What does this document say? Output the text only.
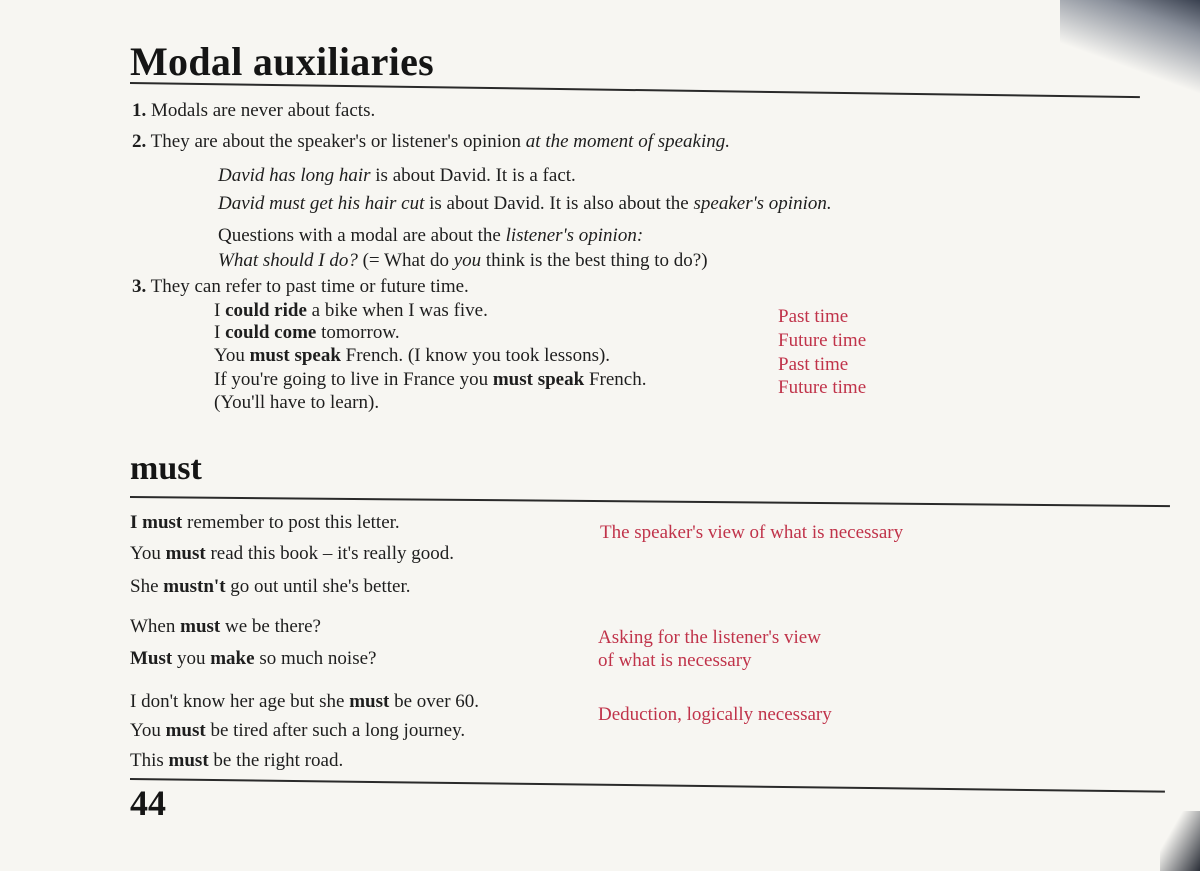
Modal auxiliaries
1. Modals are never about facts.
2. They are about the speaker's or listener's opinion at the moment of speaking.
David has long hair is about David. It is a fact.
David must get his hair cut is about David. It is also about the speaker's opinion.
Questions with a modal are about the listener's opinion:
What should I do? (= What do you think is the best thing to do?)
3. They can refer to past time or future time.
I could ride a bike when I was five.	Past time
I could come tomorrow.	Future time
You must speak French. (I know you took lessons).	Past time
If you're going to live in France you must speak French.	Future time
(You'll have to learn).
must
I must remember to post this letter.
You must read this book – it's really good.
She mustn't go out until she's better.
The speaker's view of what is necessary
When must we be there?
Must you make so much noise?
Asking for the listener's view
of what is necessary
I don't know her age but she must be over 60.
You must be tired after such a long journey.
This must be the right road.
Deduction, logically necessary
44
